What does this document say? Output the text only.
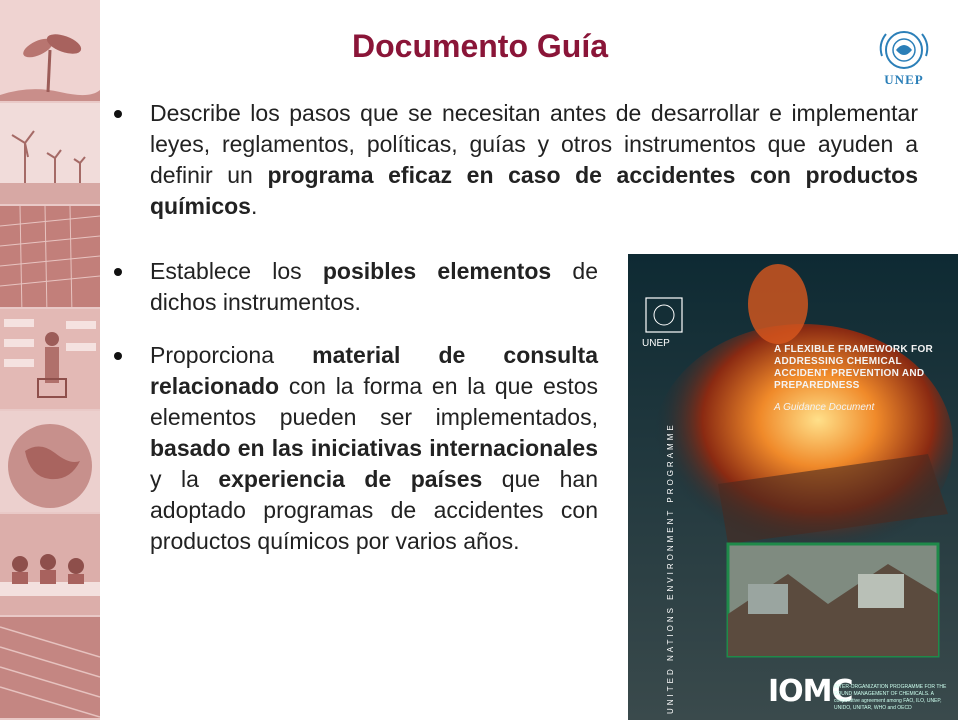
Documento Guía
UNEP
Describe los pasos que se necesitan antes de desarrollar e implementar leyes, reglamentos, políticas, guías y otros instrumentos que ayuden a definir un programa eficaz en caso de accidentes con productos químicos.
Establece los posibles elementos de dichos instrumentos.
Proporciona material de consulta relacionado con la forma en la que estos elementos pueden ser implementados, basado en las iniciativas internacionales y la experiencia de países que han adoptado programas de accidentes con productos químicos por varios años.
UNEP
A FLEXIBLE FRAMEWORK FOR ADDRESSING CHEMICAL ACCIDENT PREVENTION AND PREPAREDNESS
A Guidance Document
UNITED NATIONS ENVIRONMENT PROGRAMME	IOMC
INTER-ORGANIZATION PROGRAMME FOR THE SOUND MANAGEMENT OF CHEMICALS. A cooperative agreement among FAO, ILO, UNEP, UNIDO, UNITAR, WHO and OECD
